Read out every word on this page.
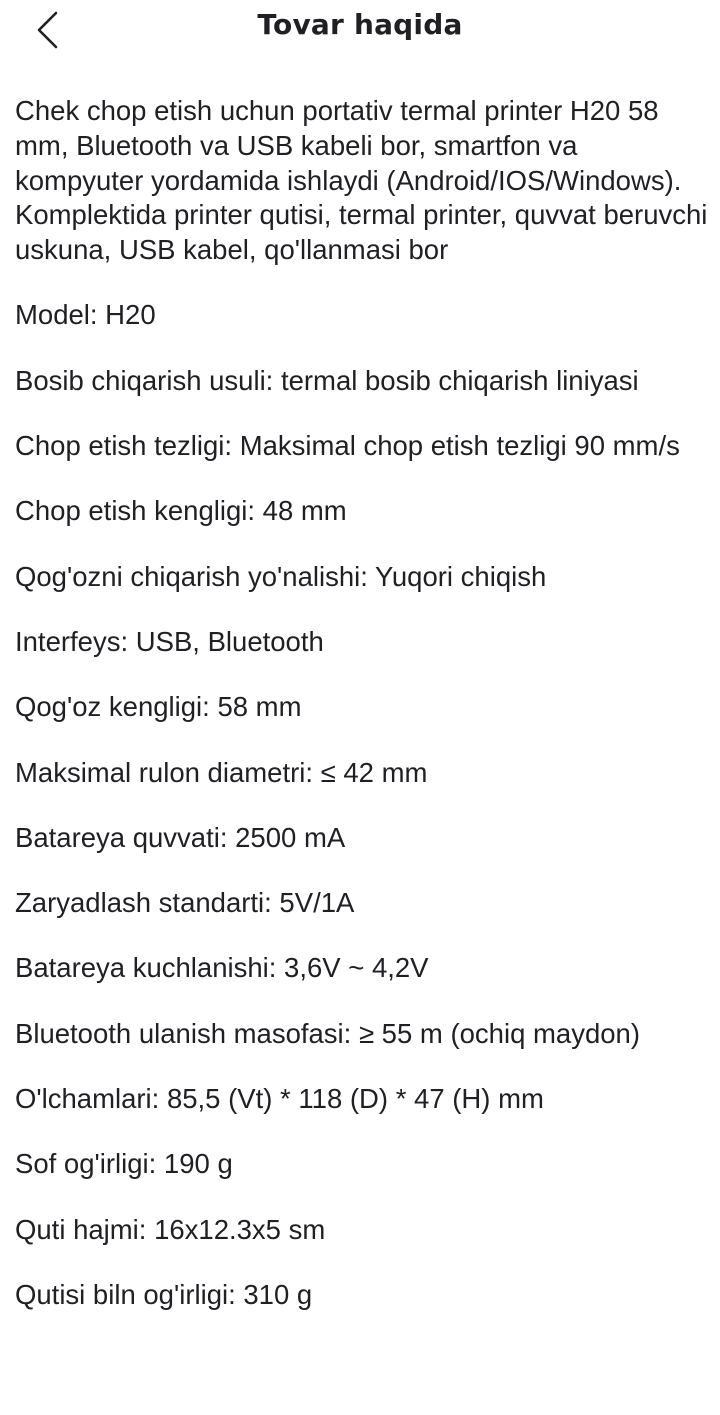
Tovar haqida

Chek chop etish uchun portativ termal printer H20 58 mm, Bluetooth va USB kabeli bor, smartfon va kompyuter yordamida ishlaydi (Android/IOS/Windows). Komplektida printer qutisi, termal printer, quvvat beruvchi uskuna, USB kabel, qo'llanmasi bor

Model: H20

Bosib chiqarish usuli: termal bosib chiqarish liniyasi

Chop etish tezligi: Maksimal chop etish tezligi 90 mm/s

Chop etish kengligi: 48 mm

Qog'ozni chiqarish yo'nalishi: Yuqori chiqish

Interfeys: USB, Bluetooth

Qog'oz kengligi: 58 mm

Maksimal rulon diametri: ≤ 42 mm

Batareya quvvati: 2500 mA

Zaryadlash standarti: 5V/1A

Batareya kuchlanishi: 3,6V ~ 4,2V

Bluetooth ulanish masofasi: ≥ 55 m (ochiq maydon)

O'lchamlari: 85,5 (Vt) * 118 (D) * 47 (H) mm

Sof og'irligi: 190 g

Quti hajmi: 16x12.3x5 sm

Qutisi biln og'irligi: 310 g
